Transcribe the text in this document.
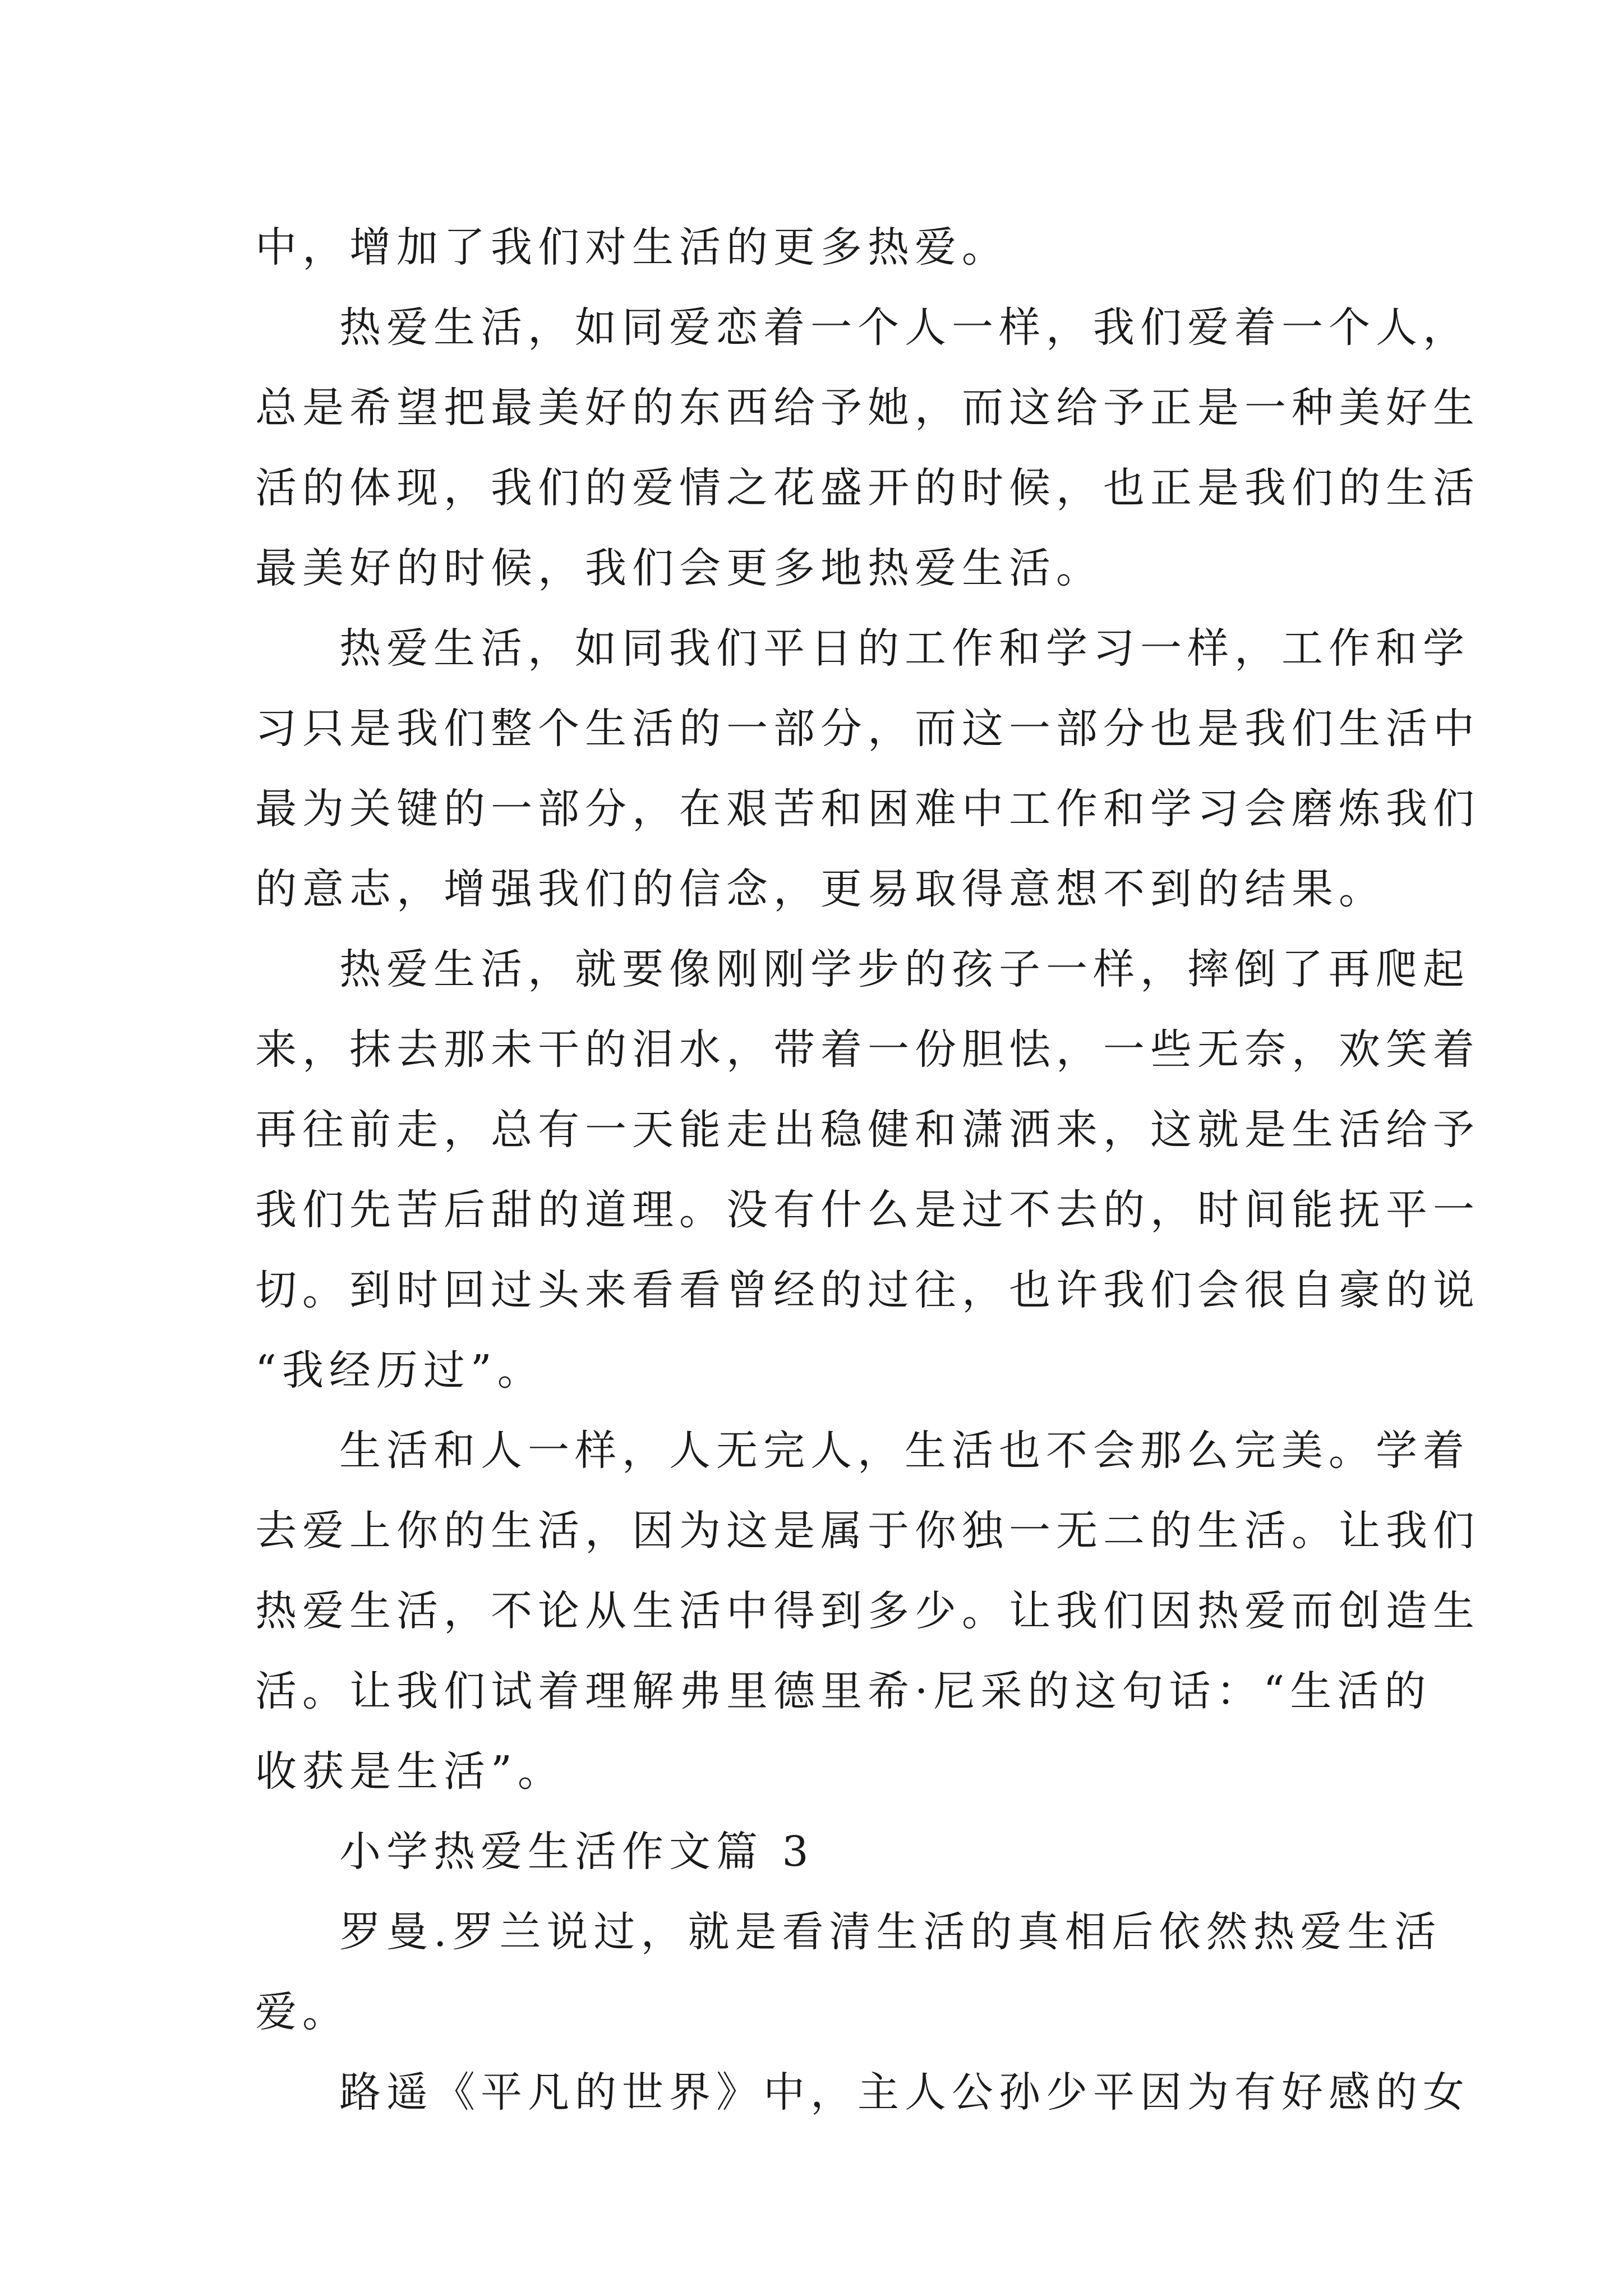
中，增加了我们对生活的更多热爱。
热爱生活，如同爱恋着一个人一样，我们爱着一个人，
总是希望把最美好的东西给予她，而这给予正是一种美好生
活的体现，我们的爱情之花盛开的时候，也正是我们的生活
最美好的时候，我们会更多地热爱生活。
热爱生活，如同我们平日的工作和学习一样，工作和学
习只是我们整个生活的一部分，而这一部分也是我们生活中
最为关键的一部分，在艰苦和困难中工作和学习会磨炼我们
的意志，增强我们的信念，更易取得意想不到的结果。
热爱生活，就要像刚刚学步的孩子一样，摔倒了再爬起
来，抹去那未干的泪水，带着一份胆怯，一些无奈，欢笑着
再往前走，总有一天能走出稳健和潇洒来，这就是生活给予
我们先苦后甜的道理。没有什么是过不去的，时间能抚平一
切。到时回过头来看看曾经的过往，也许我们会很自豪的说
“我经历过”。
生活和人一样，人无完人，生活也不会那么完美。学着
去爱上你的生活，因为这是属于你独一无二的生活。让我们
热爱生活，不论从生活中得到多少。让我们因热爱而创造生
活。让我们试着理解弗里德里希·尼采的这句话：“生活的
收获是生活”。
小学热爱生活作文篇 3
罗曼.罗兰说过，就是看清生活的真相后依然热爱生活
爱。
路遥《平凡的世界》中，主人公孙少平因为有好感的女
